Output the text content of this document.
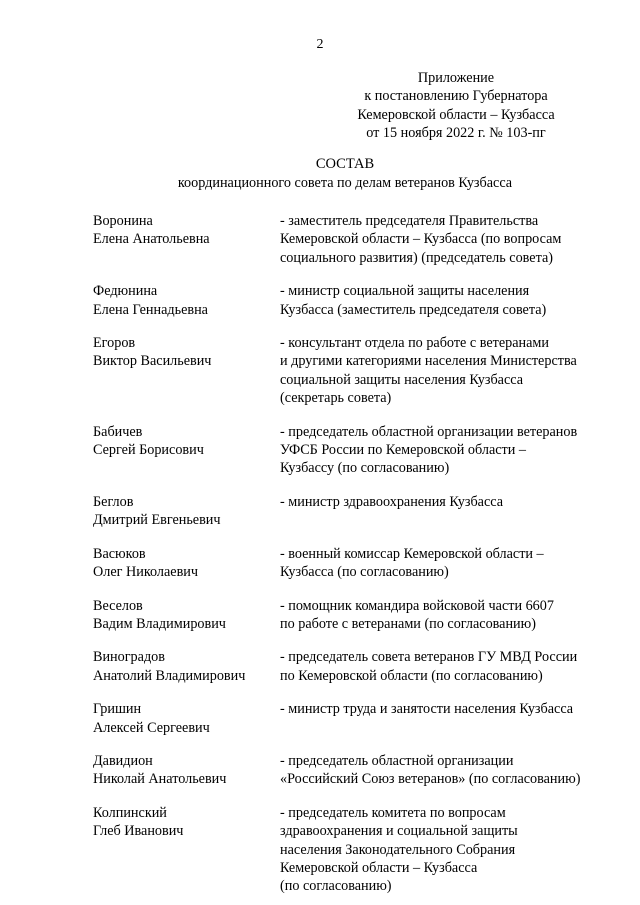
2
Приложение
к постановлению Губернатора
Кемеровской области – Кузбасса
от 15 ноября 2022 г. № 103-пг
СОСТАВ
координационного совета по делам ветеранов Кузбасса
Воронина
Елена Анатольевна
- заместитель председателя Правительства
Кемеровской области – Кузбасса (по вопросам
социального развития) (председатель совета)
Федюнина
Елена Геннадьевна
- министр социальной защиты населения
Кузбасса (заместитель председателя совета)
Егоров
Виктор Васильевич
- консультант отдела по работе с ветеранами
и другими категориями населения Министерства
социальной защиты населения Кузбасса
(секретарь совета)
Бабичев
Сергей Борисович
- председатель областной организации ветеранов
УФСБ России по Кемеровской области –
Кузбассу (по согласованию)
Беглов
Дмитрий Евгеньевич
- министр здравоохранения Кузбасса
Васюков
Олег Николаевич
- военный комиссар Кемеровской области –
Кузбасса (по согласованию)
Веселов
Вадим Владимирович
- помощник командира войсковой части 6607
по работе с ветеранами (по согласованию)
Виноградов
Анатолий Владимирович
- председатель совета ветеранов ГУ МВД России
по Кемеровской области (по согласованию)
Гришин
Алексей Сергеевич
- министр труда и занятости населения Кузбасса
Давидион
Николай Анатольевич
- председатель областной организации
«Российский Союз ветеранов» (по согласованию)
Колпинский
Глеб Иванович
- председатель комитета по вопросам
здравоохранения и социальной защиты
населения Законодательного Собрания
Кемеровской области – Кузбасса
(по согласованию)
